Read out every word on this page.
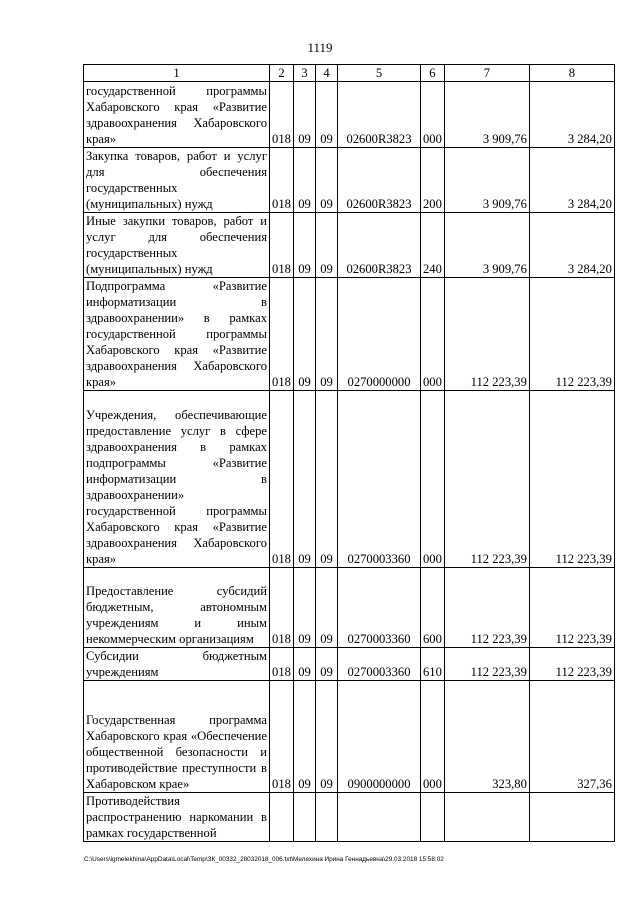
1119
1	2	3	4	5	6	7	8
государственной программы Хабаровского края «Развитие здравоохранения Хабаровского края»	018	09	09	02600R3823	000	3 909,76	3 284,20
Закупка товаров, работ и услуг для обеспечения государственных (муниципальных) нужд	018	09	09	02600R3823	200	3 909,76	3 284,20
Иные закупки товаров, работ и услуг для обеспечения государственных (муниципальных) нужд	018	09	09	02600R3823	240	3 909,76	3 284,20
Подпрограмма «Развитие информатизации в здравоохранении» в рамках государственной программы Хабаровского края «Развитие здравоохранения Хабаровского края»	018	09	09	0270000000	000	112 223,39	112 223,39
Учреждения, обеспечивающие предоставление услуг в сфере здравоохранения в рамках подпрограммы «Развитие информатизации в здравоохранении» государственной программы Хабаровского края «Развитие здравоохранения Хабаровского края»	018	09	09	0270003360	000	112 223,39	112 223,39
Предоставление субсидий бюджетным, автономным учреждениям и иным некоммерческим организациям	018	09	09	0270003360	600	112 223,39	112 223,39
Субсидии бюджетным учреждениям	018	09	09	0270003360	610	112 223,39	112 223,39
Государственная программа Хабаровского края «Обеспечение общественной безопасности и противодействие преступности в Хабаровском крае»	018	09	09	0900000000	000	323,80	327,36
Противодействия распространению наркомании в рамках государственной							
C:\Users\igmelekhina\AppData\Local\Temp\ЗК_00332_28032018_006.txt\Мелехина Ирина Геннадьевна\29.03.2018 15:58:02
